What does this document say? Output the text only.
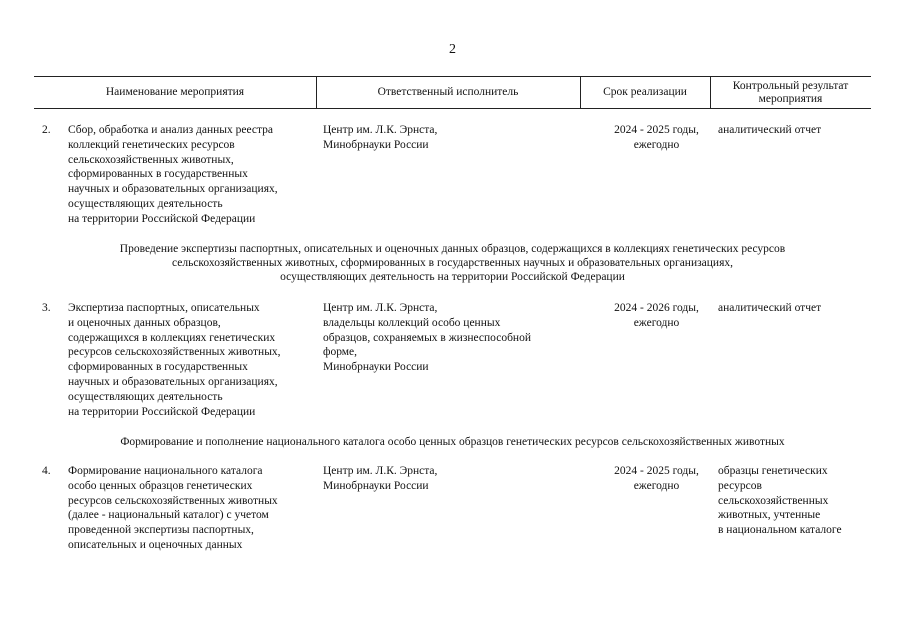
2
Наименование мероприятия	Ответственный исполнитель	Срок реализации
Контрольный результат
мероприятия
2. Сбор, обработка и анализ данных реестра
коллекций генетических ресурсов
сельскохозяйственных животных,
сформированных в государственных
научных и образовательных организациях,
осуществляющих деятельность
на территории Российской Федерации
Центр им. Л.К. Эрнста,
Минобрнауки России
2024 - 2025 годы,
ежегодно
аналитический отчет
Проведение экспертизы паспортных, описательных и оценочных данных образцов, содержащихся в коллекциях генетических ресурсов
сельскохозяйственных животных, сформированных в государственных научных и образовательных организациях,
осуществляющих деятельность на территории Российской Федерации
3. Экспертиза паспортных, описательных
и оценочных данных образцов,
содержащихся в коллекциях генетических
ресурсов сельскохозяйственных животных,
сформированных в государственных
научных и образовательных организациях,
осуществляющих деятельность
на территории Российской Федерации
Центр им. Л.К. Эрнста,
владельцы коллекций особо ценных
образцов, сохраняемых в жизнеспособной
форме,
Минобрнауки России
2024 - 2026 годы,
ежегодно
аналитический отчет
Формирование и пополнение национального каталога особо ценных образцов генетических ресурсов сельскохозяйственных животных
4. Формирование национального каталога
особо ценных образцов генетических
ресурсов сельскохозяйственных животных
(далее - национальный каталог) с учетом
проведенной экспертизы паспортных,
описательных и оценочных данных
Центр им. Л.К. Эрнста,
Минобрнауки России
2024 - 2025 годы,
ежегодно
образцы генетических
ресурсов
сельскохозяйственных
животных, учтенные
в национальном каталоге
